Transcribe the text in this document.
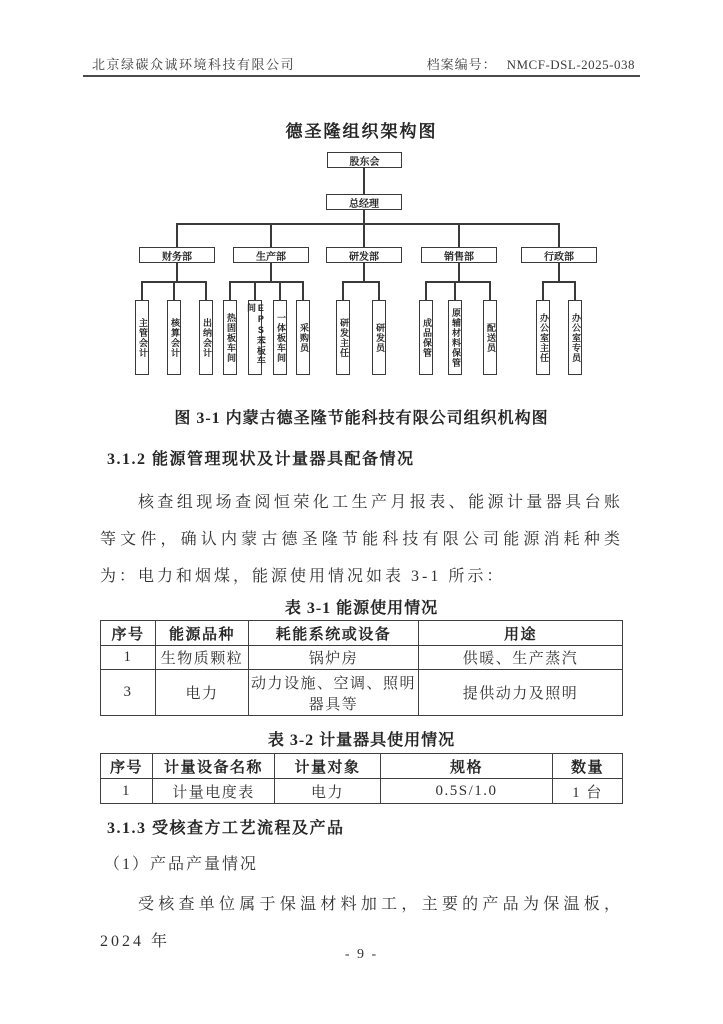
北京绿碳众诚环境科技有限公司	档案编号： NMCF-DSL-2025-038
德圣隆组织架构图
股东会
总经理
财务部	生产部	研发部	销售部	行政部
主管会计	核算会计	出纳会计	热固板车间	EPS苯板车间
一体板车间	采购员	研发主任	研发员	成品保管	原辅材料保管	配送员	办公室主任	办公室专员
图 3-1 内蒙古德圣隆节能科技有限公司组织机构图
3.1.2 能源管理现状及计量器具配备情况
核查组现场查阅恒荣化工生产月报表、能源计量器具台账等文件，确认内蒙古德圣隆节能科技有限公司能源消耗种类为：电力和烟煤，能源使用情况如表 3-1 所示：
表 3-1 能源使用情况
序号	能源品种	耗能系统或设备	用途
1	生物质颗粒	锅炉房	供暖、生产蒸汽
3	电力	动力设施、空调、照明器具等	提供动力及照明
表 3-2 计量器具使用情况
序号	计量设备名称	计量对象	规格	数量
1	计量电度表	电力	0.5S/1.0	1 台
3.1.3 受核查方工艺流程及产品
（1）产品产量情况
受核查单位属于保温材料加工，主要的产品为保温板，2024 年
- 9 -
